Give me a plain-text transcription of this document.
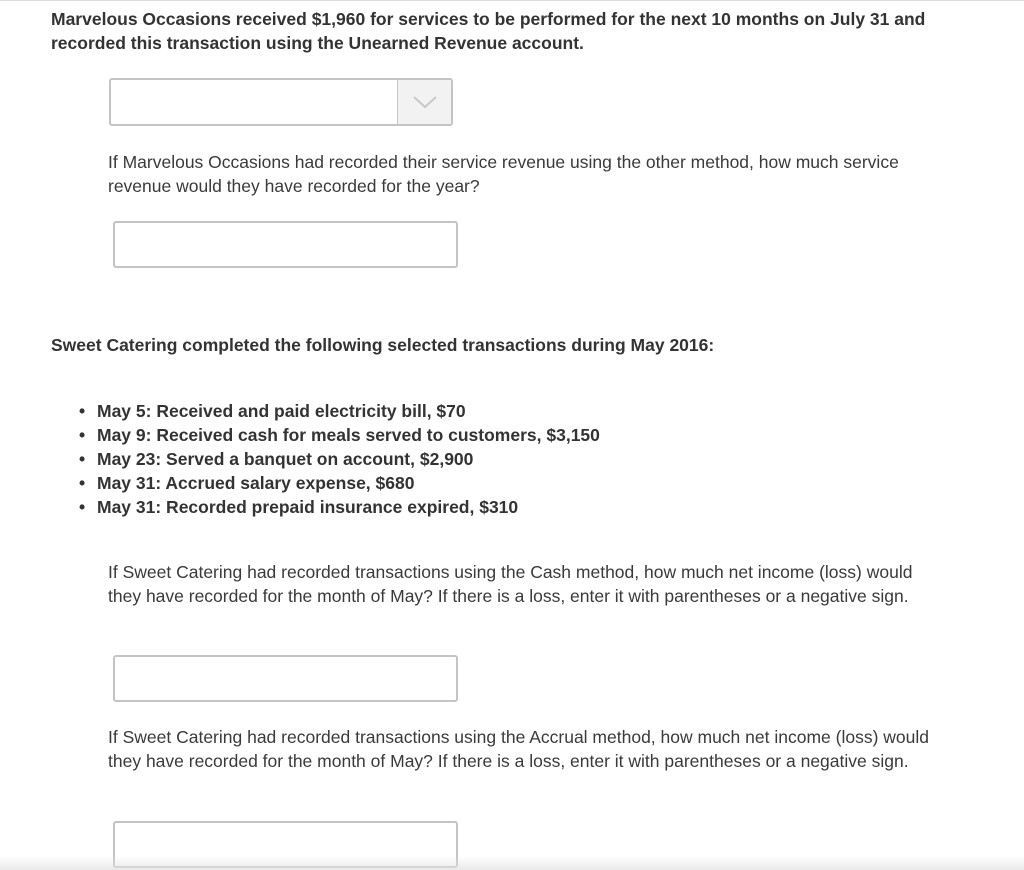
Marvelous Occasions received $1,960 for services to be performed for the next 10 months on July 31 and recorded this transaction using the Unearned Revenue account.
If Marvelous Occasions had recorded their service revenue using the other method, how much service revenue would they have recorded for the year?
Sweet Catering completed the following selected transactions during May 2016:
• May 5: Received and paid electricity bill, $70
• May 9: Received cash for meals served to customers, $3,150
• May 23: Served a banquet on account, $2,900
• May 31: Accrued salary expense, $680
• May 31: Recorded prepaid insurance expired, $310
If Sweet Catering had recorded transactions using the Cash method, how much net income (loss) would they have recorded for the month of May? If there is a loss, enter it with parentheses or a negative sign.
If Sweet Catering had recorded transactions using the Accrual method, how much net income (loss) would they have recorded for the month of May? If there is a loss, enter it with parentheses or a negative sign.
